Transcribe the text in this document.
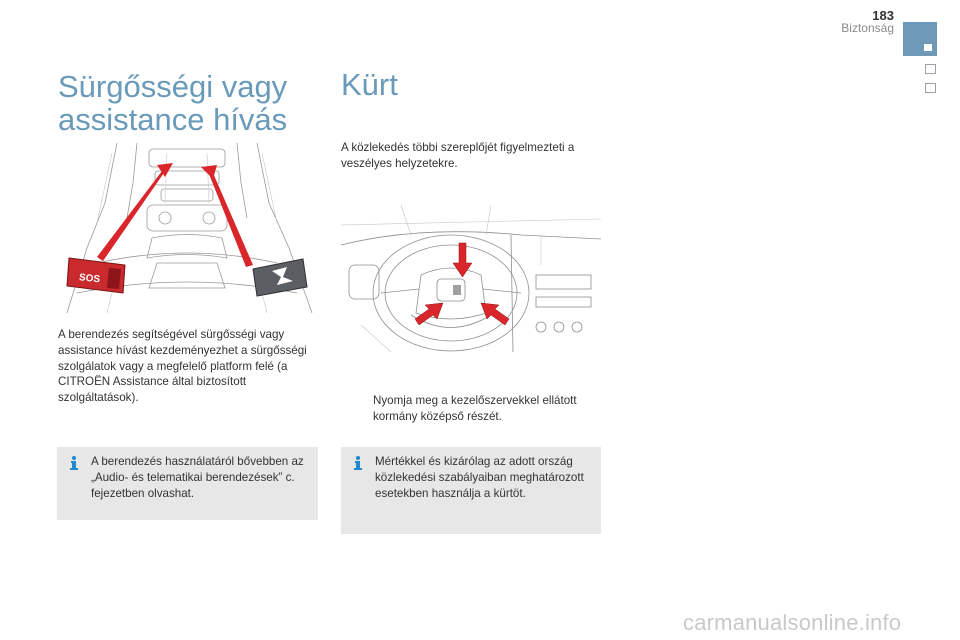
183
Biztonság
Sürgősségi vagy
assistance hívás
SOS

A berendezés segítségével sürgősségi vagy assistance hívást kezdeményezhet a sürgősségi szolgálatok vagy a megfelelő platform felé (a CITROËN Assistance által biztosított szolgáltatások).

A berendezés használatáról bővebben az „Audio- és telematikai berendezések” c. fejezetben olvashat.
Kürt

A közlekedés többi szereplőjét figyelmezteti a veszélyes helyzetekre.

Nyomja meg a kezelőszervekkel ellátott kormány középső részét.
Mértékkel és kizárólag az adott ország közlekedési szabályaiban meghatározott esetekben használja a kürtöt.
carmanualsonline.info
